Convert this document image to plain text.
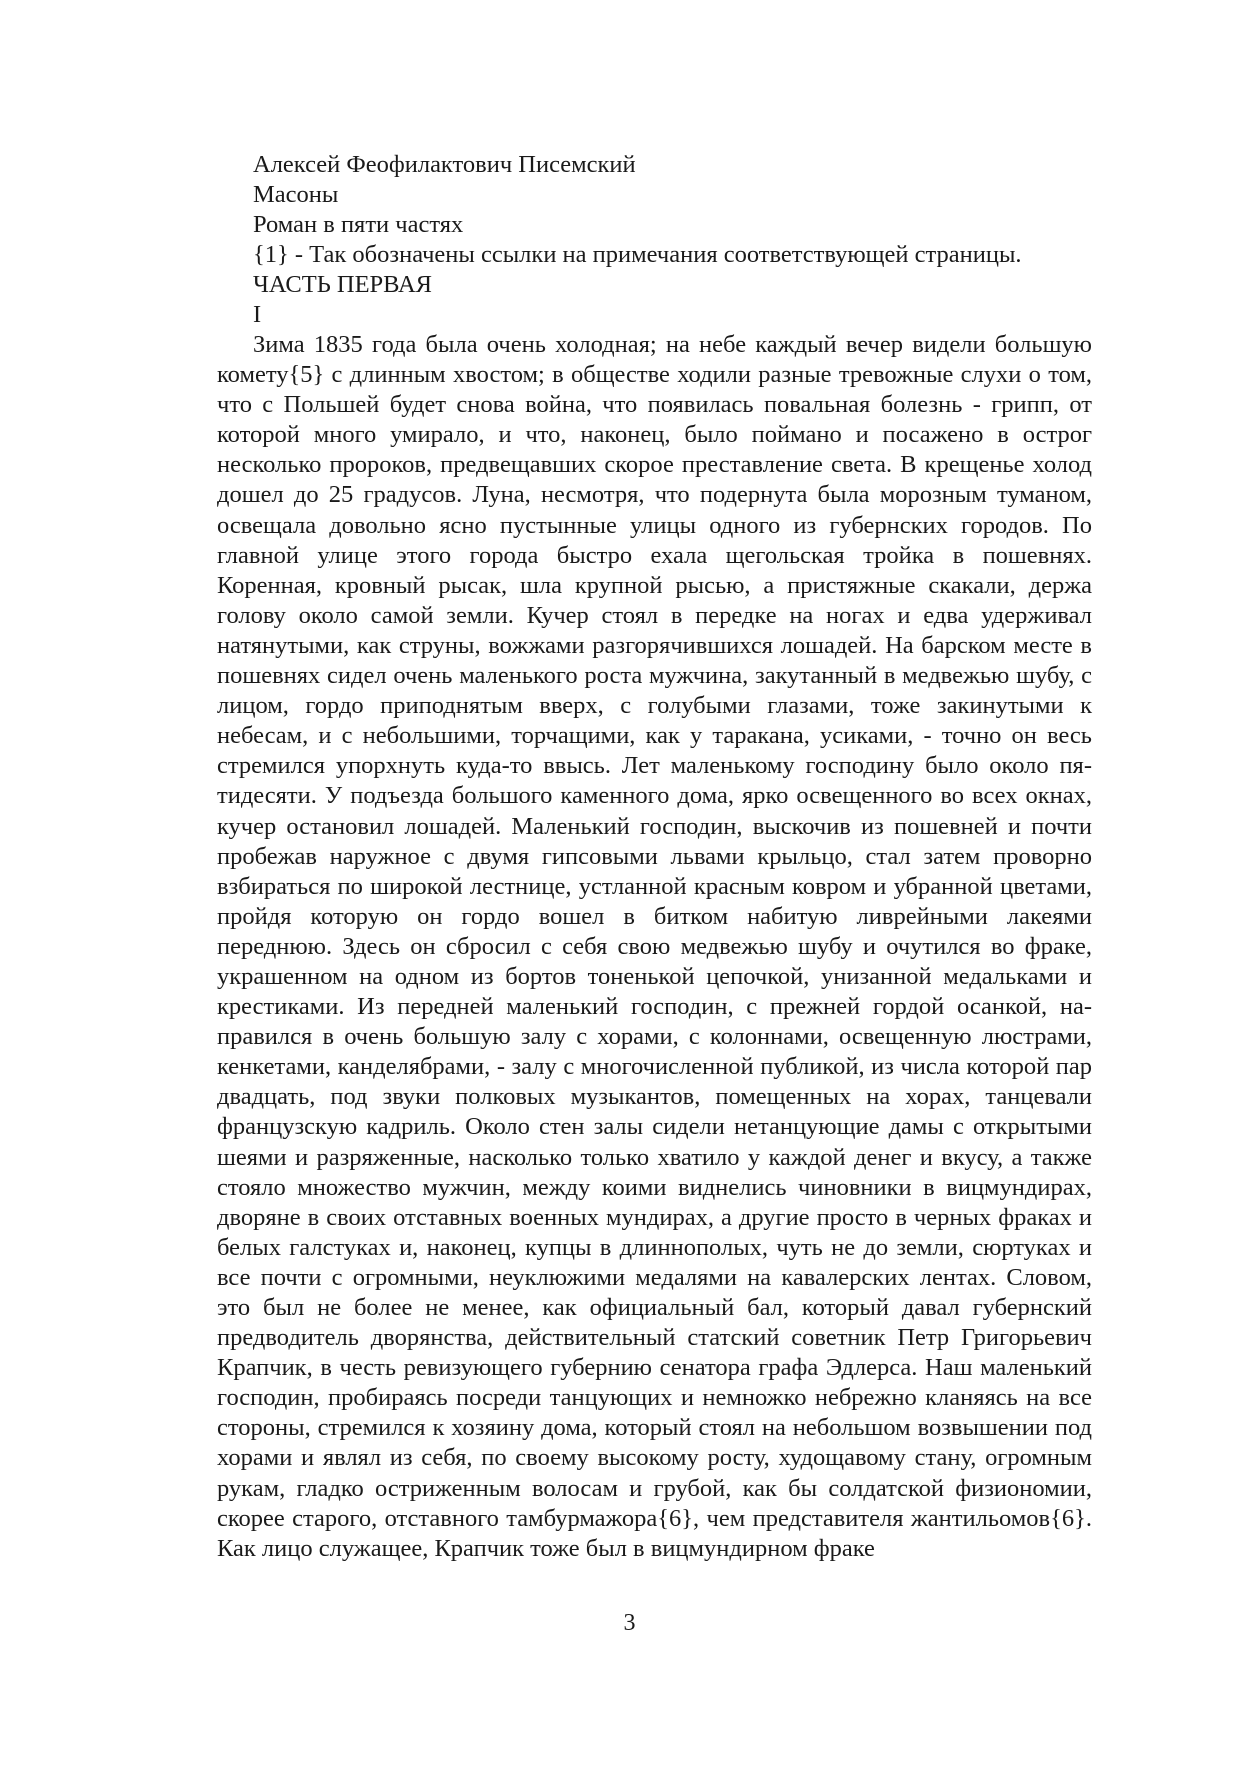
Алексей Феофилактович Писемский

Масоны

Роман в пяти частях

{1} - Так обозначены ссылки на примечания соответствующей страницы.

ЧАСТЬ ПЕРВАЯ

I

Зима 1835 года была очень холодная; на небе каждый вечер видели большую комету{5} с длинным хвостом; в обществе ходили разные тревожные слухи о том, что с Польшей будет снова война, что появилась повальная болезнь - грипп, от которой много умирало, и что, наконец, было поймано и посажено в острог несколько пророков, предвещавших скорое преставление света. В крещенье холод дошел до 25 градусов. Луна, несмотря, что подернута была морозным туманом, освещала довольно ясно пустынные улицы одного из губернских городов. По главной улице этого города быстро ехала щегольская тройка в пошевнях. Коренная, кровный рысак, шла крупной рысью, а пристяжные скакали, держа голову около самой земли. Кучер стоял в передке на ногах и едва удерживал натянутыми, как струны, вожжами разгорячившихся лошадей. На барском месте в пошевнях сидел очень маленького роста мужчина, закутанный в медвежью шубу, с лицом, гордо приподнятым вверх, с голубыми глазами, тоже закинутыми к небесам, и с небольшими, торчащими, как у таракана, усиками, - точно он весь стремился упорхнуть куда-то ввысь. Лет маленькому господину было около пятидесяти. У подъезда большого каменного дома, ярко освещенного во всех окнах, кучер остановил лошадей. Маленький господин, выскочив из пошевней и почти пробежав наружное с двумя гипсовыми львами крыльцо, стал затем проворно взбираться по широкой лестнице, устланной красным ковром и убранной цветами, пройдя которую он гордо вошел в битком набитую ливрейными лакеями переднюю. Здесь он сбросил с себя свою медвежью шубу и очутился во фраке, украшенном на одном из бортов тоненькой цепочкой, унизанной медальками и крестиками. Из передней маленький господин, с прежней гордой осанкой, направился в очень большую залу с хорами, с колоннами, освещенную люстрами, кенкетами, канделябрами, - залу с многочисленной публикой, из числа которой пар двадцать, под звуки полковых музыкантов, помещенных на хорах, танцевали французскую кадриль. Около стен залы сидели нетанцующие дамы с открытыми шеями и разряженные, насколько только хватило у каждой денег и вкусу, а также стояло множество мужчин, между коими виднелись чиновники в вицмундирах, дворяне в своих отставных военных мундирах, а другие просто в черных фраках и белых галстуках и, наконец, купцы в длиннополых, чуть не до земли, сюртуках и все почти с огромными, неуклюжими медалями на кавалерских лентах. Словом, это был не более не менее, как официальный бал, который давал губернский предводитель дворянства, действительный статский советник Петр Григорьевич Крапчик, в честь ревизующего губернию сенатора графа Эдлерса. Наш маленький господин, пробираясь посреди танцующих и немножко небрежно кланяясь на все стороны, стремился к хозяину дома, который стоял на небольшом возвышении под хорами и являл из себя, по своему высокому росту, худощавому стану, огромным рукам, гладко остриженным волосам и грубой, как бы солдатской физиономии, скорее старого, отставного тамбурмажора{6}, чем представителя жантильомов{6}. Как лицо служащее, Крапчик тоже был в вицмундирном фраке

3
